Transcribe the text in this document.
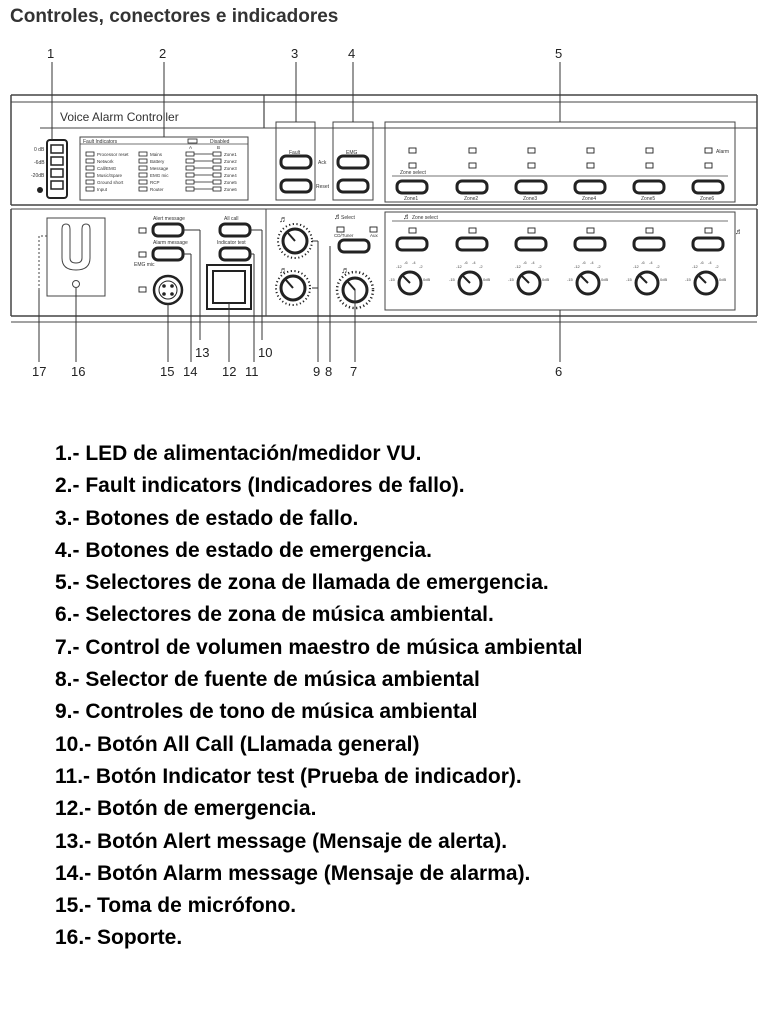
Controles, conectores e indicadores
Voice Alarm Controller
0 dB
-6dB
-20dB
Fault Indicators	Disabled
A	B
Processor reset
Network
Call/EMG
Music/Spare
Ground short
Input
Mains
Battery
Message
EMG mic
RCP
Router
Zone1
Zone2
Zone3
Zone4
Zone5
Zone6
Fault
Ack
Reset
EMG
Zone select
Alarm
Zone1	Zone2	Zone3	Zone4	Zone5	Zone6
Alert message
Alarm message
EMG mic
All call
Indicator test
♬
♬	♬
♬	♬
♬
Select
CD/Tuner	Aux
Zone select
-12
-6 -4
-2
-15	0dB
-12
-6 -4
-2
-15	0dB
-12
-6 -4
-2
-15	0dB
-12
-6 -4
-2
-15	0dB
-12
-6 -4
-2
-15	0dB
-12
-6 -4
-2
-15	0dB
1	2	3	4	5
6
7
8
9
10
11
12
13
14
15
16
17
1.- LED de alimentación/medidor VU.
2.- Fault indicators (Indicadores de fallo).
3.- Botones de estado de fallo.
4.- Botones de estado de emergencia.
5.- Selectores de zona de llamada de emergencia.
6.- Selectores de zona de música ambiental.
7.- Control de volumen maestro de música ambiental
8.- Selector de fuente de música ambiental
9.- Controles de tono de música ambiental
10.- Botón All Call (Llamada general)
11.- Botón Indicator test (Prueba de indicador).
12.- Botón de emergencia.
13.- Botón Alert message (Mensaje de alerta).
14.- Botón Alarm message (Mensaje de alarma).
15.- Toma de micrófono.
16.- Soporte.
